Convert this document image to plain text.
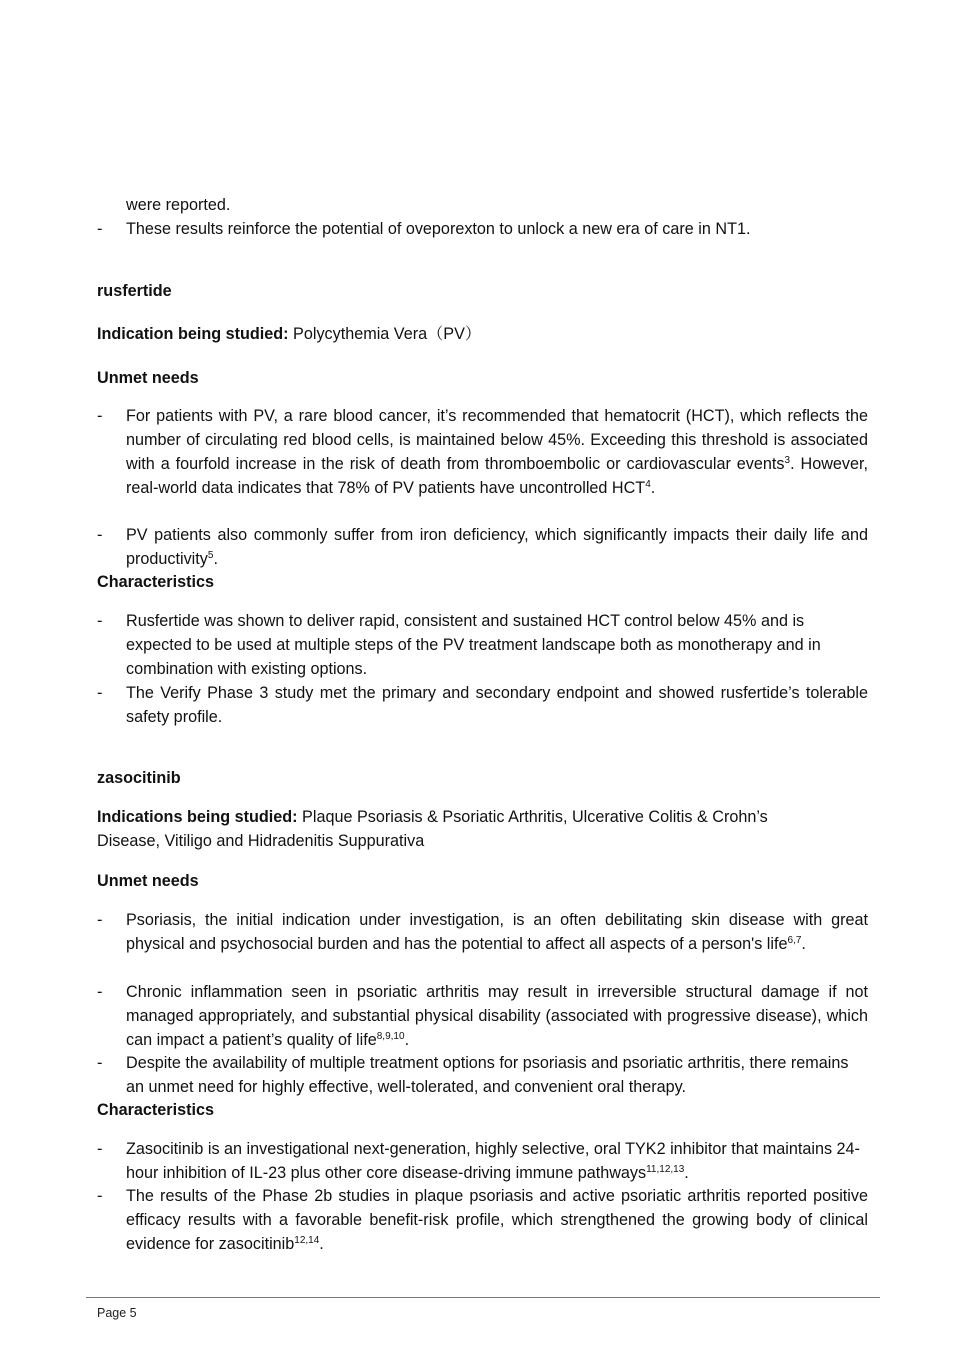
were reported.
- These results reinforce the potential of oveporexton to unlock a new era of care in NT1.
rusfertide
Indication being studied: Polycythemia Vera（PV）
Unmet needs
- For patients with PV, a rare blood cancer, it’s recommended that hematocrit (HCT), which reflects the number of circulating red blood cells, is maintained below 45%. Exceeding this threshold is associated with a fourfold increase in the risk of death from thromboembolic or cardiovascular events$^3$. However, real-world data indicates that 78% of PV patients have uncontrolled HCT$^4$.
- PV patients also commonly suffer from iron deficiency, which significantly impacts their daily life and productivity$^5$.
Characteristics
- Rusfertide was shown to deliver rapid, consistent and sustained HCT control below 45% and is expected to be used at multiple steps of the PV treatment landscape both as monotherapy and in combination with existing options.
- The Verify Phase 3 study met the primary and secondary endpoint and showed rusfertide’s tolerable safety profile.
zasocitinib
Indications being studied: Plaque Psoriasis & Psoriatic Arthritis, Ulcerative Colitis & Crohn’s Disease, Vitiligo and Hidradenitis Suppurativa
Unmet needs
- Psoriasis, the initial indication under investigation, is an often debilitating skin disease with great physical and psychosocial burden and has the potential to affect all aspects of a person's life$^{6,7}$.
- Chronic inflammation seen in psoriatic arthritis may result in irreversible structural damage if not managed appropriately, and substantial physical disability (associated with progressive disease), which can impact a patient’s quality of life$^{8,9,10}$.
- Despite the availability of multiple treatment options for psoriasis and psoriatic arthritis, there remains an unmet need for highly effective, well-tolerated, and convenient oral therapy.
Characteristics
- Zasocitinib is an investigational next-generation, highly selective, oral TYK2 inhibitor that maintains 24-hour inhibition of IL-23 plus other core disease-driving immune pathways$^{11,12,13}$.
- The results of the Phase 2b studies in plaque psoriasis and active psoriatic arthritis reported positive efficacy results with a favorable benefit-risk profile, which strengthened the growing body of clinical evidence for zasocitinib$^{12,14}$.
Page 5
